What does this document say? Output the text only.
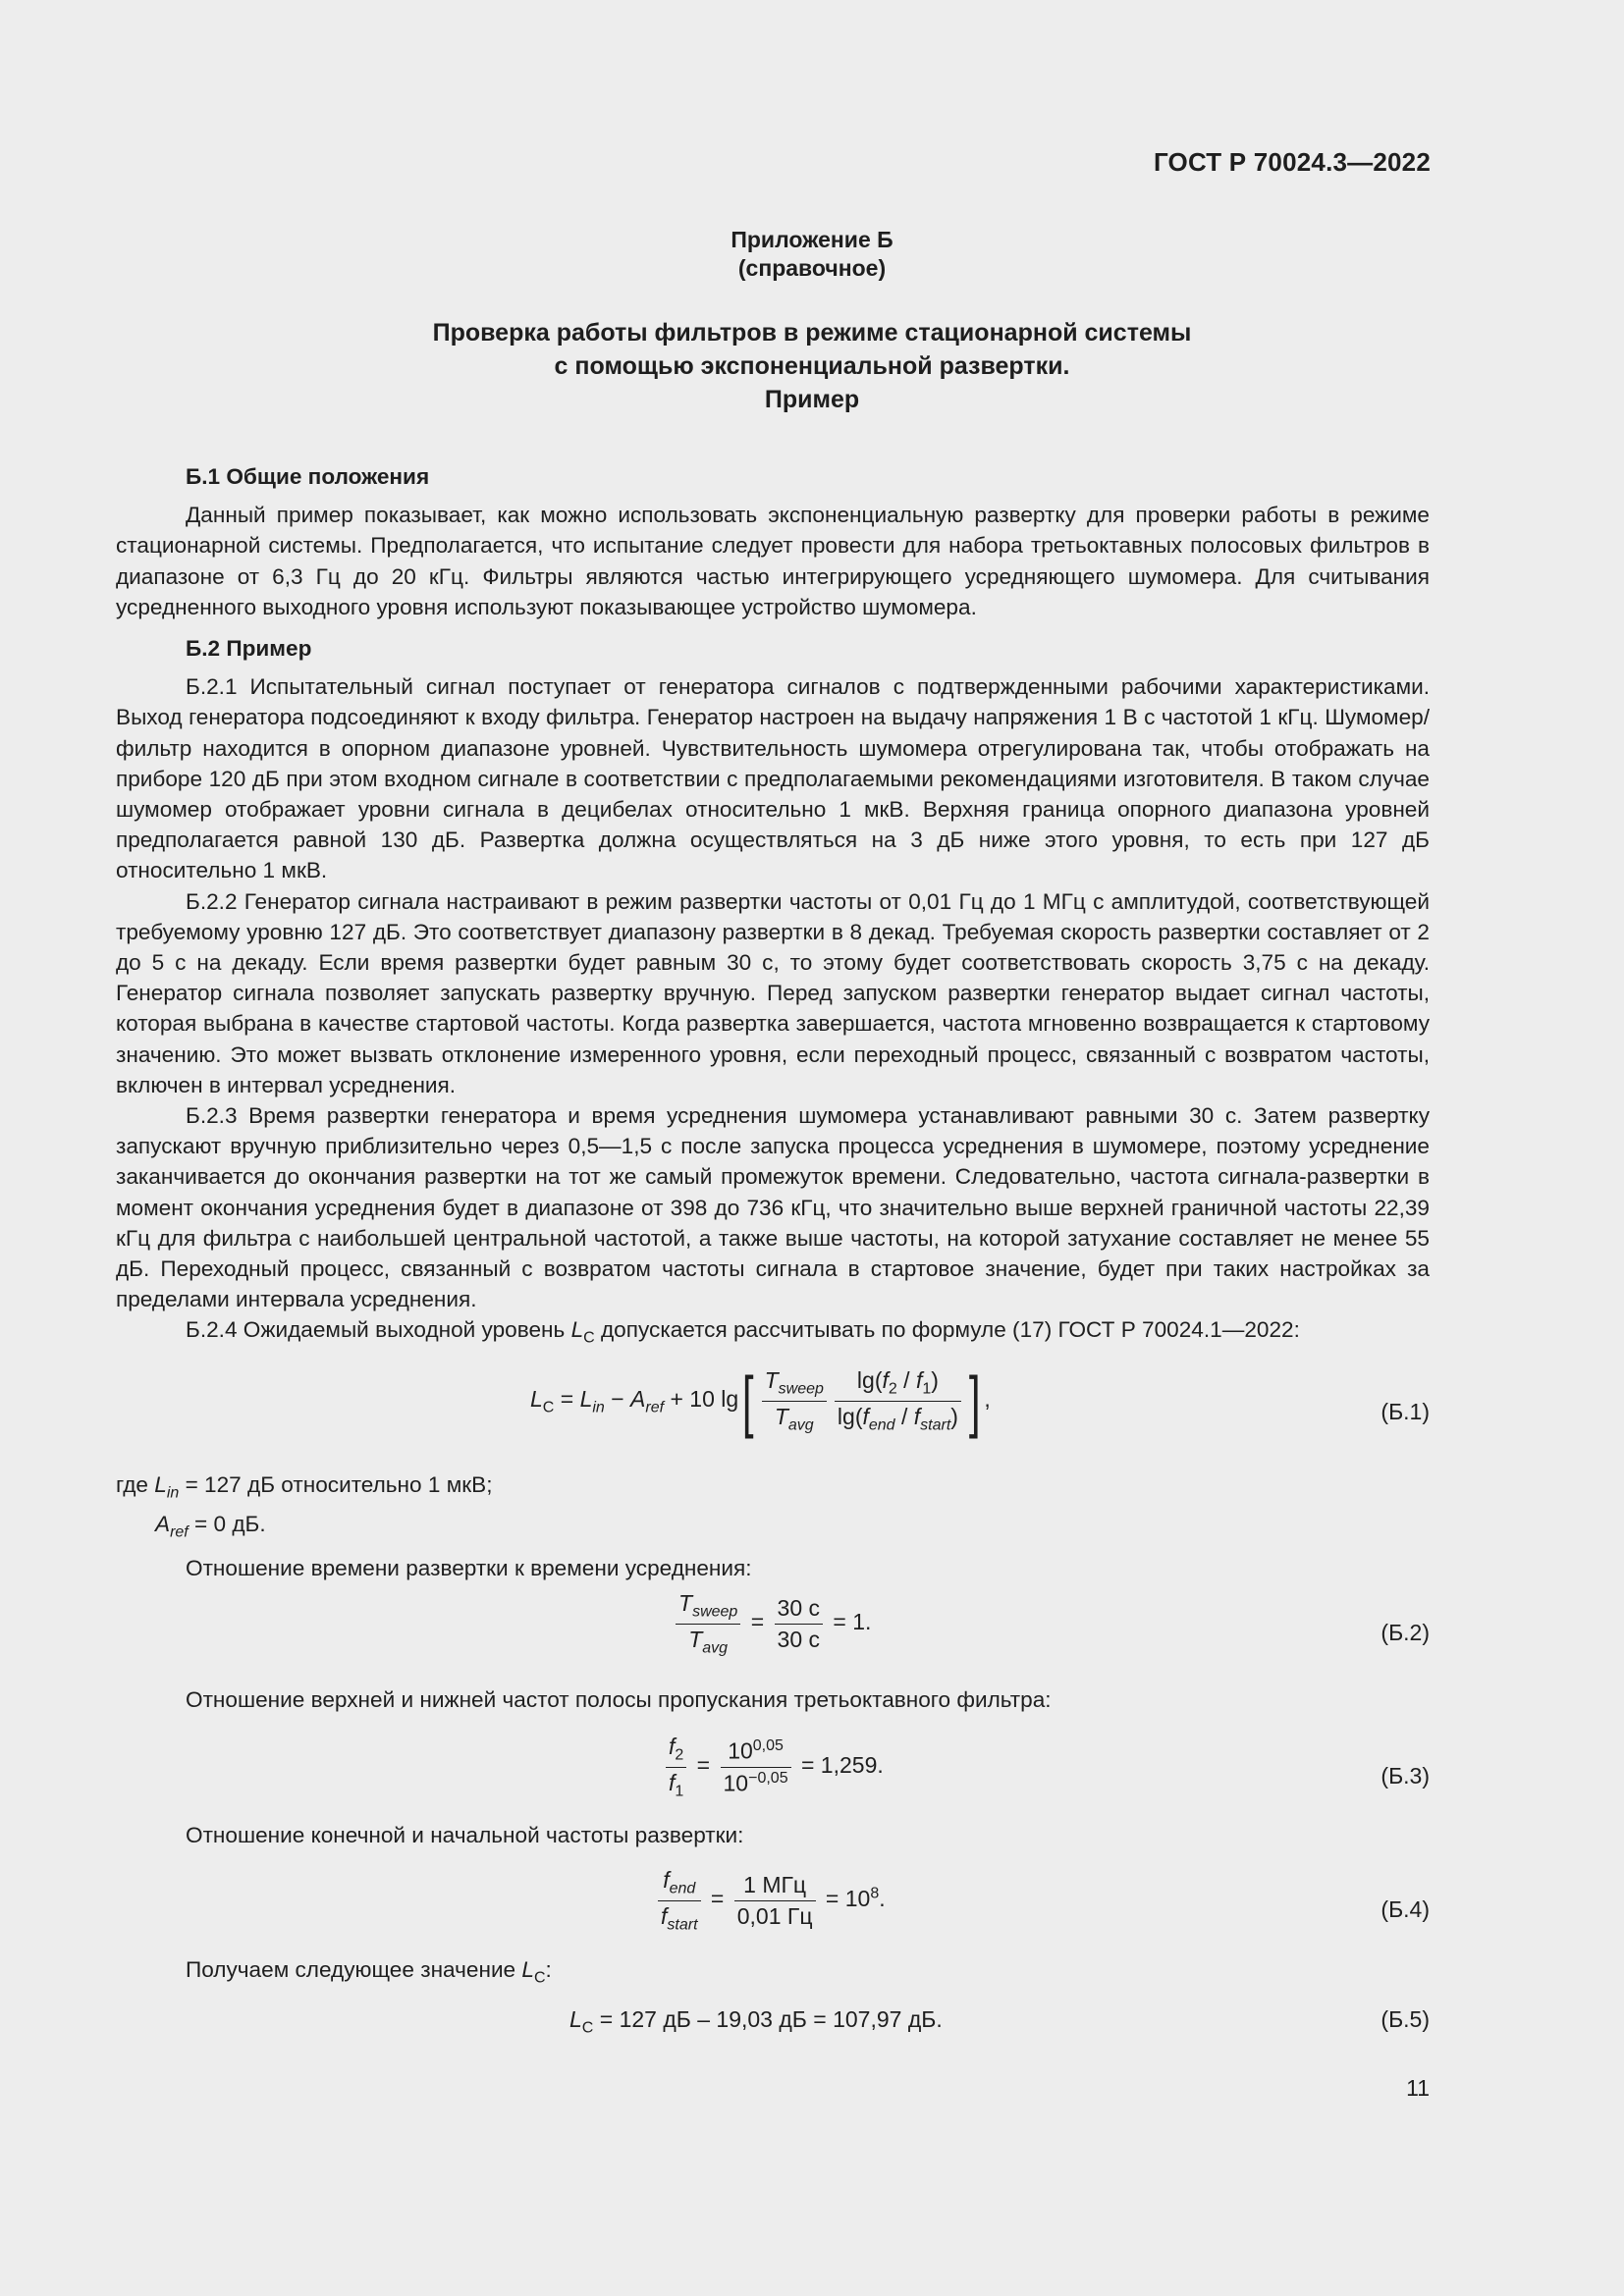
ГОСТ Р 70024.3—2022
Приложение Б
(справочное)
Проверка работы фильтров в режиме стационарной системы
с помощью экспоненциальной развертки.
Пример

Б.1 Общие положения

Данный пример показывает, как можно использовать экспоненциальную развертку для проверки работы в режиме стационарной системы. Предполагается, что испытание следует провести для набора третьоктавных полосовых фильтров в диапазоне от 6,3 Гц до 20 кГц. Фильтры являются частью интегрирующего усредняющего шумомера. Для считывания усредненного выходного уровня используют показывающее устройство шумомера.

Б.2 Пример

Б.2.1 Испытательный сигнал поступает от генератора сигналов с подтвержденными рабочими характеристиками. Выход генератора подсоединяют к входу фильтра. Генератор настроен на выдачу напряжения 1 В с частотой 1 кГц. Шумомер/фильтр находится в опорном диапазоне уровней. Чувствительность шумомера отрегулирована так, чтобы отображать на приборе 120 дБ при этом входном сигнале в соответствии с предполагаемыми рекомендациями изготовителя. В таком случае шумомер отображает уровни сигнала в децибелах относительно 1 мкВ. Верхняя граница опорного диапазона уровней предполагается равной 130 дБ. Развертка должна осуществляться на 3 дБ ниже этого уровня, то есть при 127 дБ относительно 1 мкВ.

Б.2.2 Генератор сигнала настраивают в режим развертки частоты от 0,01 Гц до 1 МГц с амплитудой, соответствующей требуемому уровню 127 дБ. Это соответствует диапазону развертки в 8 декад. Требуемая скорость развертки составляет от 2 до 5 с на декаду. Если время развертки будет равным 30 с, то этому будет соответствовать скорость 3,75 с на декаду. Генератор сигнала позволяет запускать развертку вручную. Перед запуском развертки генератор выдает сигнал частоты, которая выбрана в качестве стартовой частоты. Когда развертка завершается, частота мгновенно возвращается к стартовому значению. Это может вызвать отклонение измеренного уровня, если переходный процесс, связанный с возвратом частоты, включен в интервал усреднения.

Б.2.3 Время развертки генератора и время усреднения шумомера устанавливают равными 30 с. Затем развертку запускают вручную приблизительно через 0,5—1,5 с после запуска процесса усреднения в шумомере, поэтому усреднение заканчивается до окончания развертки на тот же самый промежуток времени. Следовательно, частота сигнала-развертки в момент окончания усреднения будет в диапазоне от 398 до 736 кГц, что значительно выше верхней граничной частоты 22,39 кГц для фильтра с наибольшей центральной частотой, а также выше частоты, на которой затухание составляет не менее 55 дБ. Переходный процесс, связанный с возвратом частоты сигнала в стартовое значение, будет при таких настройках за пределами интервала усреднения.

Б.2.4 Ожидаемый выходной уровень $L_C$ допускается рассчитывать по формуле (17) ГОСТ Р 70024.1—2022:

$L_C = L_{in} - A_{ref} + 10$ $\lg[ \frac{T_{sweep}}{T_{avg}} \frac{\lg(f_2 / f_1)}{\lg(f_{end} / f_{start})}$ ] ,	(Б.1)

где $L_{in} = 127$ дБ относительно 1 мкВ;

$A_{ref} = 0$ дБ.

Отношение времени развертки к времени усреднения:

$\frac{T_{sweep}}{T_{avg}} = \frac{30 с}{30 с} = 1$.	(Б.2)

Отношение верхней и нижней частот полосы пропускания третьоктавного фильтра:

$\frac{f_2}{f_1} = \frac{10^{0,05}}{10^{-0,05}} = 1,259$.	(Б.3)

Отношение конечной и начальной частоты развертки:

$\frac{f_{end}}{f_{start}} = \frac{\text{1 МГц}}{0,01 Гц} = 10^8$.	(Б.4)

Получаем следующее значение $L_C$:

$L_C = 127$ дБ – 19,03 дБ = 107,97 дБ.	(Б.5)
11
